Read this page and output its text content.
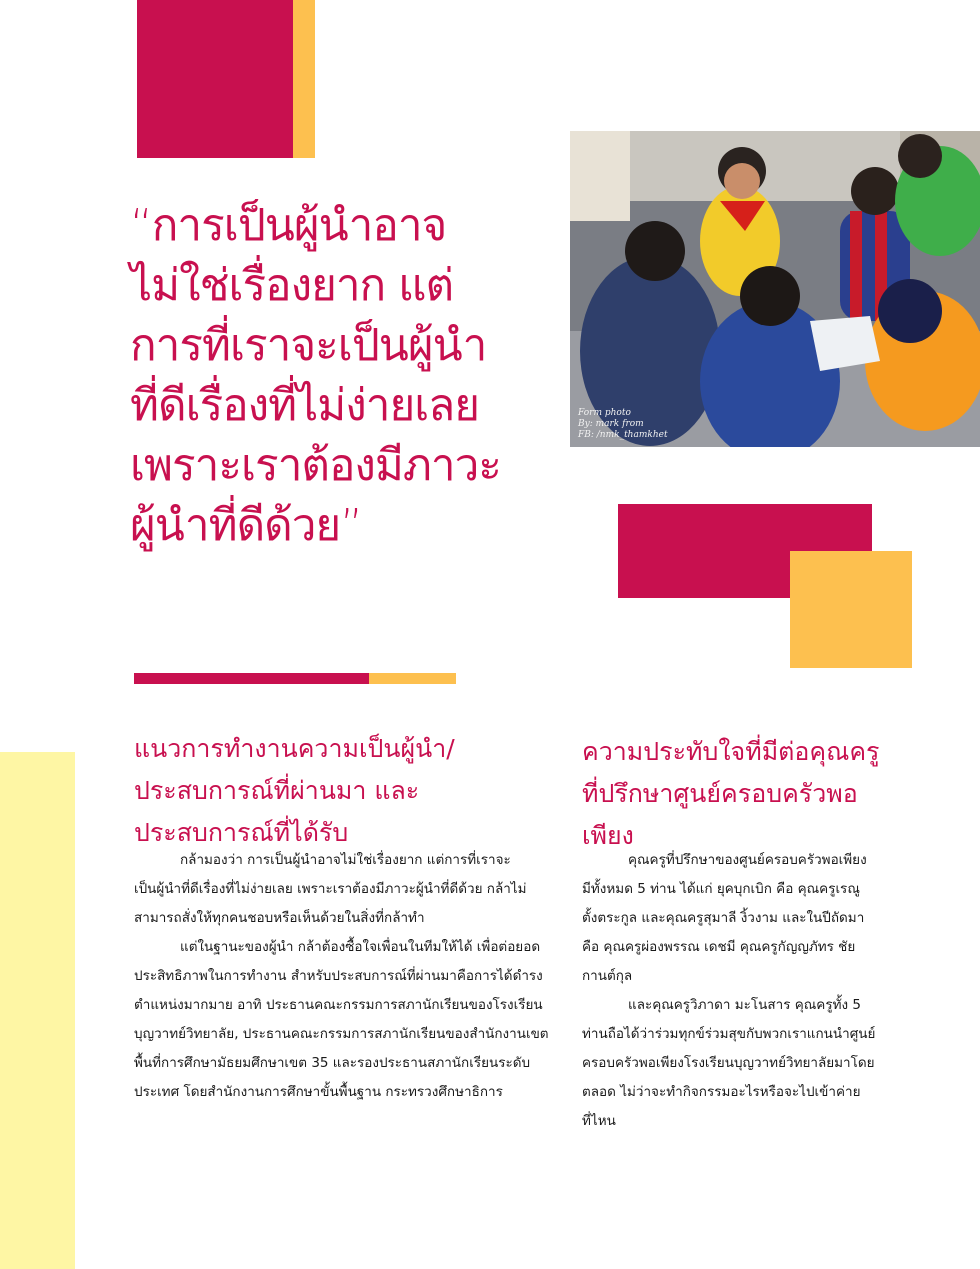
“การเป็นผู้นำอาจ
ไม่ใช่เรื่องยาก แต่
การที่เราจะเป็นผู้นำ
ที่ดีเรื่องที่ไม่ง่ายเลย
เพราะเราต้องมีภาวะ
ผู้นำที่ดีด้วย”
Form photo
By: mark from
FB: /nmk_thamkhet
แนวการทำงานความเป็นผู้นำ/
ประสบการณ์ที่ผ่านมา และ
ประสบการณ์ที่ได้รับ

กล้ามองว่า การเป็นผู้นำอาจไม่ใช่เรื่องยาก แต่การที่เราจะ
เป็นผู้นำที่ดีเรื่องที่ไม่ง่ายเลย เพราะเราต้องมีภาวะผู้นำที่ดีด้วย กล้าไม่
สามารถสั่งให้ทุกคนชอบหรือเห็นด้วยในสิ่งที่กล้าทำ

แต่ในฐานะของผู้นำ กล้าต้องซื้อใจเพื่อนในทีมให้ได้ เพื่อต่อยอด
ประสิทธิภาพในการทำงาน สำหรับประสบการณ์ที่ผ่านมาคือการได้ดำรง
ตำแหน่งมากมาย อาทิ ประธานคณะกรรมการสภานักเรียนของโรงเรียน
บุญวาทย์วิทยาลัย, ประธานคณะกรรมการสภานักเรียนของสำนักงานเขต
พื้นที่การศึกษามัธยมศึกษาเขต 35 และรองประธานสภานักเรียนระดับ
ประเทศ โดยสำนักงานการศึกษาขั้นพื้นฐาน กระทรวงศึกษาธิการ

ความประทับใจที่มีต่อคุณครู
ที่ปรึกษาศูนย์ครอบครัวพอ
เพียง

คุณครูที่ปรึกษาของศูนย์ครอบครัวพอเพียง
มีทั้งหมด 5 ท่าน ได้แก่ ยุคบุกเบิก คือ คุณครูเรณู
ตั้งตระกูล และคุณครูสุมาลี งิ้วงาม และในปีถัดมา
คือ คุณครูผ่องพรรณ เดชมี คุณครูกัญญภัทร ชัย
กานต์กุล

และคุณครูวิภาดา มะโนสาร คุณครูทั้ง 5
ท่านถือได้ว่าร่วมทุกข์ร่วมสุขกับพวกเราแกนนำศูนย์
ครอบครัวพอเพียงโรงเรียนบุญวาทย์วิทยาลัยมาโดย
ตลอด ไม่ว่าจะทำกิจกรรมอะไรหรือจะไปเข้าค่าย
ที่ไหน
